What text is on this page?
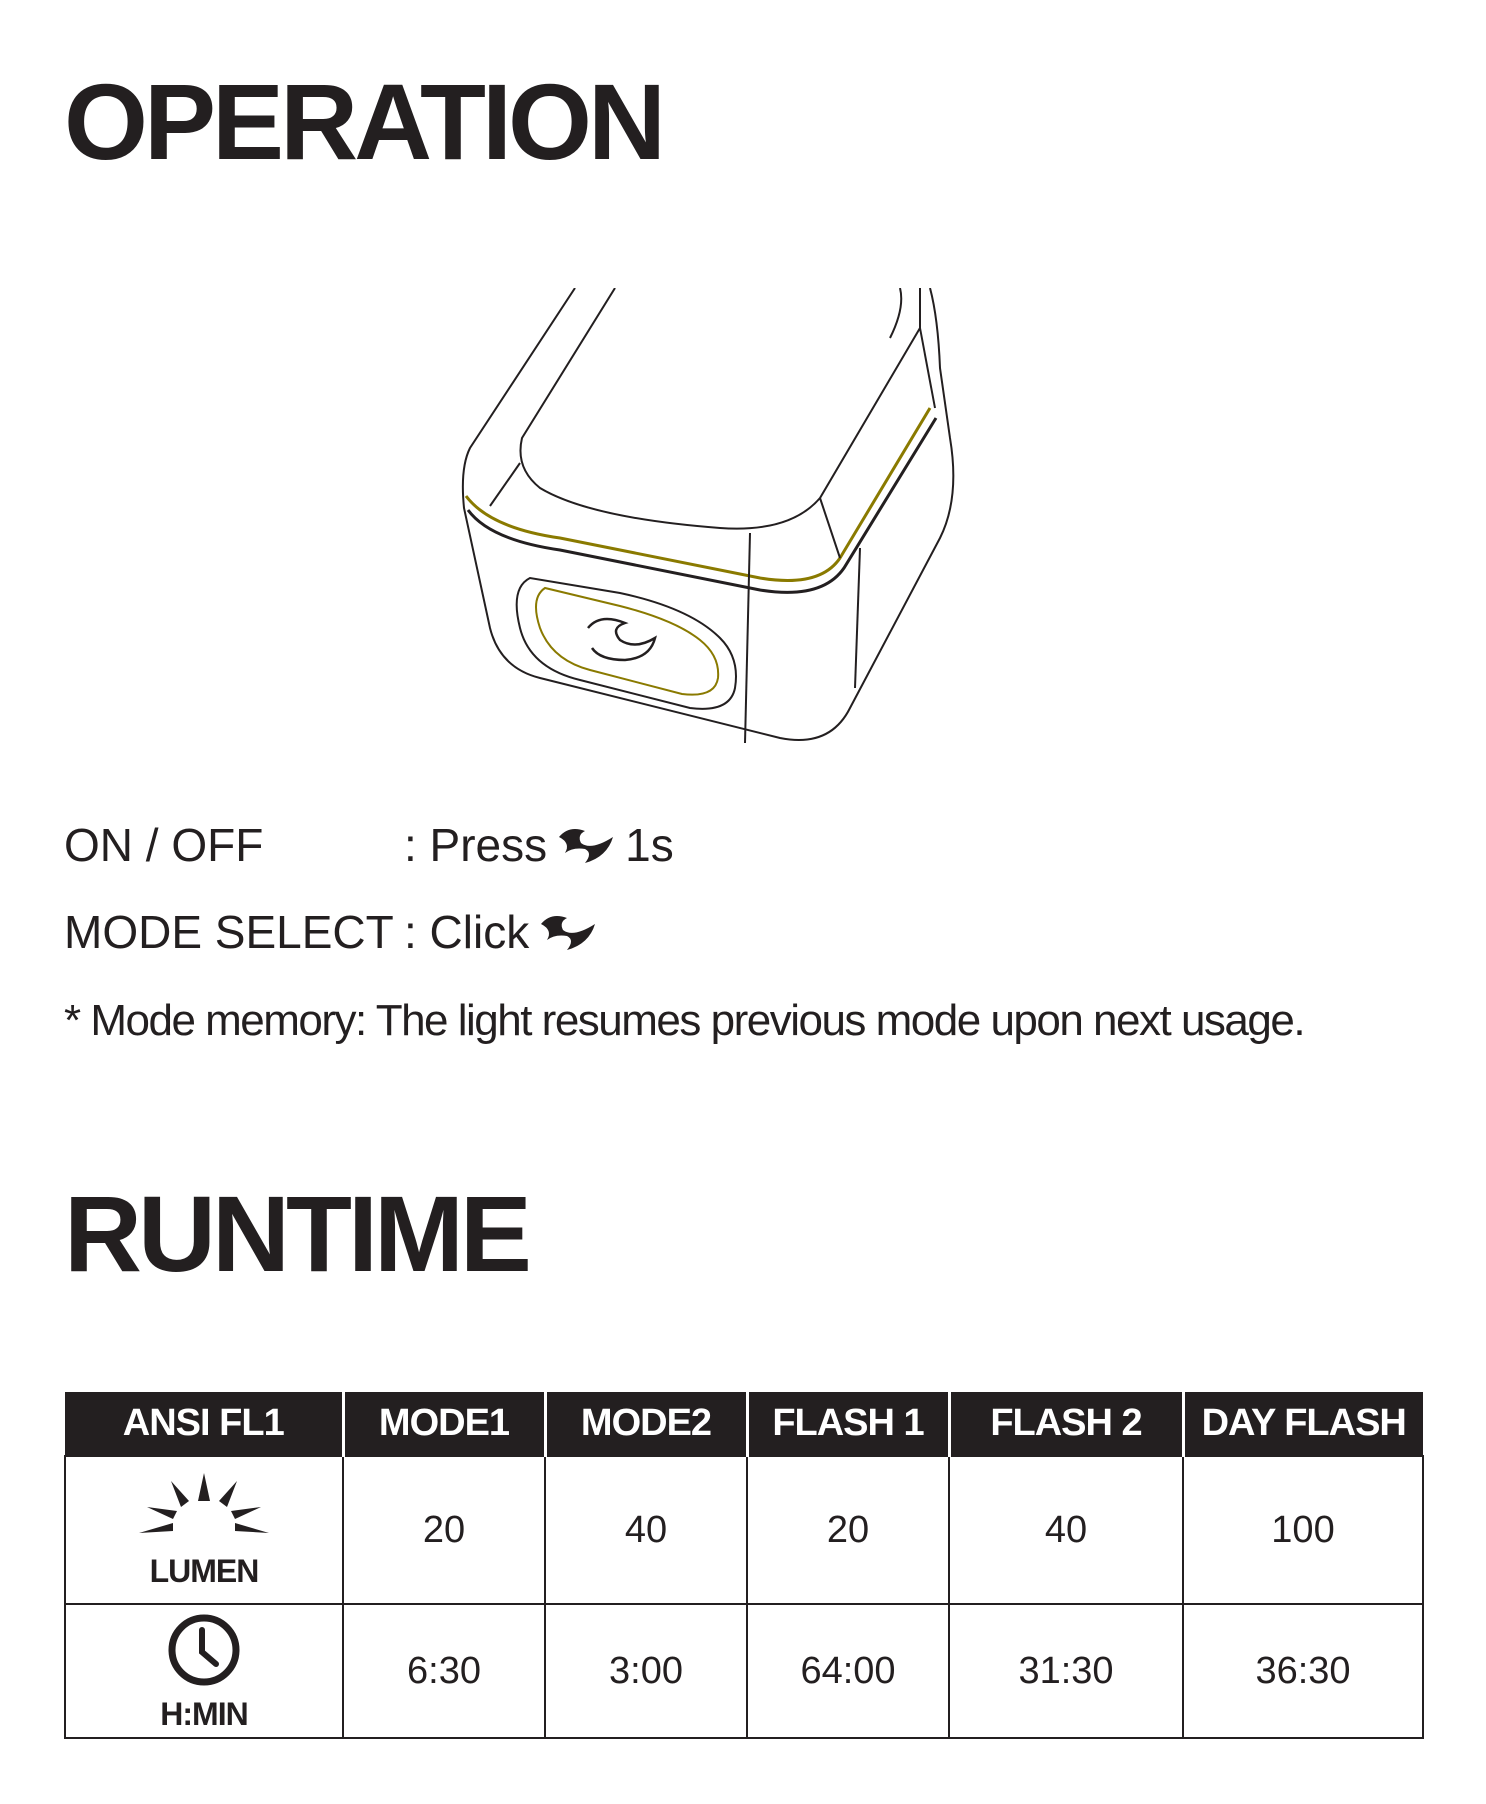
OPERATION
ON / OFF	: Press 1s
MODE SELECT : Click
* Mode memory: The light resumes previous mode upon next usage.
RUNTIME
ANSI FL1	MODE1	MODE2	FLASH 1	FLASH 2	DAY FLASH

LUMEN	20	40	20	40	100

H:MIN	6:30	3:00	64:00	31:30	36:30
